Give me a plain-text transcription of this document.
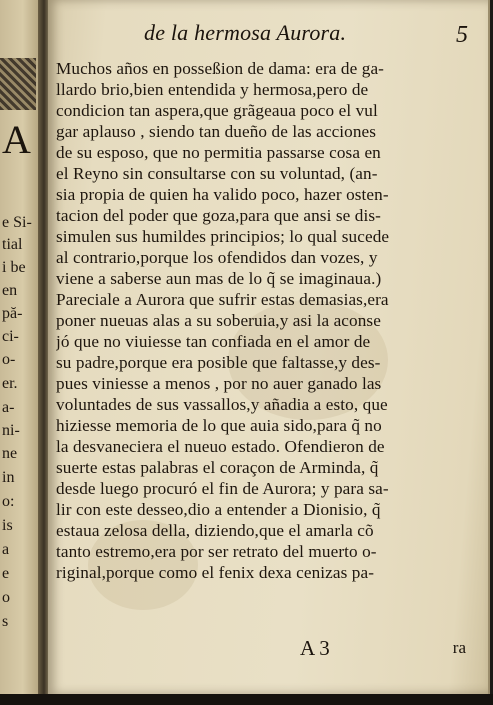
A
e Si-
tial
i be
en
pă-
ci-
o-
er.
a-
ni-
ne
in
o:
is
a
e
o
s
de la hermosa Aurora.	5
Muchos años en posseßion de dama: era de ga-
llardo brio,bien entendida y hermosa,pero de
condicion tan aspera,que grãgeaua poco el vul
gar aplauso , siendo tan dueño de las acciones
de su esposo, que no permitia passarse cosa en
el Reyno sin consultarse con su voluntad, (an-
sia propia de quien ha valido poco, hazer osten-
tacion del poder que goza,para que ansi se dis-
simulen sus humildes principios; lo qual sucede
al contrario,porque los ofendidos dan vozes, y
viene a saberse aun mas de lo q̃ se imaginaua.)
Pareciale a Aurora que sufrir estas demasias,era
poner nueuas alas a su soberuia,y asi la aconse
jó que no viuiesse tan confiada en el amor de
su padre,porque era posible que faltasse,y des-
pues viniesse a menos , por no auer ganado las
voluntades de sus vassallos,y añadia a esto, que
hiziesse memoria de lo que auia sido,para q̃ no
la desvaneciera el nueuo estado. Ofendieron de
suerte estas palabras el coraçon de Arminda, q̃
desde luego procuró el fin de Aurora; y para sa-
lir con este desseo,dio a entender a Dionisio, q̃
estaua zelosa della, diziendo,que el amarla cõ
tanto estremo,era por ser retrato del muerto o-
riginal,porque como el fenix dexa cenizas pa-
A 3	ra
